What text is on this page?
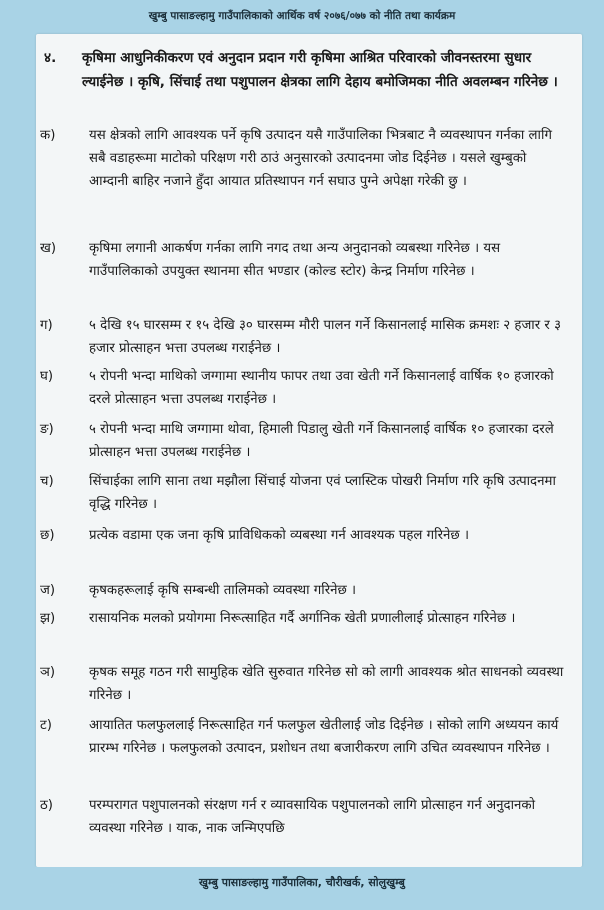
खुम्बु पासाङल्हामु गाउँपालिकाको आर्थिक वर्ष २०७६/०७७ को नीति तथा कार्यक्रम
४. कृषिमा आधुनिकीकरण एवं अनुदान प्रदान गरी कृषिमा आश्रित परिवारको जीवनस्तरमा सुधार ल्याईनेछ । कृषि, सिंचाई तथा पशुपालन क्षेत्रका लागि देहाय बमोजिमका नीति अवलम्बन गरिनेछ ।
क)	यस क्षेत्रको लागि आवश्यक पर्ने कृषि उत्पादन यसै गाउँपालिका भित्रबाट नै व्यवस्थापन गर्नका लागि सबै वडाहरूमा माटोको परिक्षण गरी ठाउं अनुसारको उत्पादनमा जोड दिईनेछ । यसले खुम्बुको आम्दानी बाहिर नजाने हुँदा आयात प्रतिस्थापन गर्न सघाउ पुग्ने अपेक्षा गरेकी छु ।
ख)	कृषिमा लगानी आकर्षण गर्नका लागि नगद तथा अन्य अनुदानको व्यबस्था गरिनेछ । यस गाउँपालिकाको उपयुक्त स्थानमा सीत भण्डार (कोल्ड स्टोर) केन्द्र निर्माण गरिनेछ ।
ग)	५ देखि १५ घारसम्म र १५ देखि ३० घारसम्म मौरी पालन गर्ने किसानलाई मासिक क्रमशः २ हजार र ३ हजार प्रोत्साहन भत्ता उपलब्ध गराईनेछ ।
घ)	५ रोपनी भन्दा माथिको जग्गामा स्थानीय फापर तथा उवा खेती गर्ने किसानलाई वार्षिक १० हजारको दरले प्रोत्साहन भत्ता उपलब्ध गराईनेछ ।
ङ)	५ रोपनी भन्दा माथि जग्गामा थोवा, हिमाली पिडालु खेती गर्ने किसानलाई वार्षिक १० हजारका दरले प्रोत्साहन भत्ता उपलब्ध गराईनेछ ।
च)	सिंचाईका लागि साना तथा मझौला सिंचाई योजना एवं प्लास्टिक पोखरी निर्माण गरि कृषि उत्पादनमा वृद्धि गरिनेछ ।
छ)	प्रत्येक वडामा एक जना कृषि प्राविधिकको व्यबस्था गर्न आवश्यक पहल गरिनेछ ।
ज)	कृषकहरूलाई कृषि सम्बन्धी तालिमको व्यवस्था गरिनेछ ।
झ)	रासायनिक मलको प्रयोगमा निरूत्साहित गर्दै अर्गानिक खेती प्रणालीलाई प्रोत्साहन गरिनेछ ।
ञ)	कृषक समूह गठन गरी सामुहिक खेति सुरुवात गरिनेछ सो को लागी आवश्यक श्रोत साधनको व्यवस्था गरिनेछ ।
ट)	आयातित फलफुललाई निरूत्साहित गर्न फलफुल खेतीलाई जोड दिईनेछ । सोको लागि अध्ययन कार्य प्रारम्भ गरिनेछ । फलफुलको उत्पादन, प्रशोधन तथा बजारीकरण लागि उचित व्यवस्थापन गरिनेछ ।
ठ)	परम्परागत पशुपालनको संरक्षण गर्न र व्यावसायिक पशुपालनको लागि प्रोत्साहन गर्न अनुदानको व्यवस्था गरिनेछ । याक, नाक जन्मिएपछि
खुम्बु पासाङल्हामु गाउँपालिका, चौरीखर्क, सोलुखुम्बु
